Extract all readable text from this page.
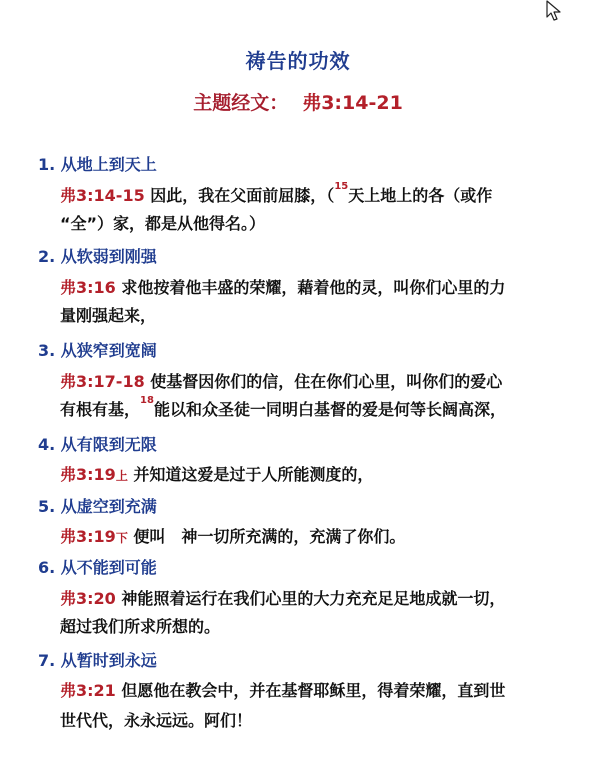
祷告的功效
主题经文： 弗3:14-21
1. 从地上到天上
弗3:14-15 因此，我在父面前屈膝，（$^{15}$天上地上的各（或作
“全”）家，都是从他得名。）
2. 从软弱到刚强
弗3:16 求他按着他丰盛的荣耀，藉着他的灵，叫你们心里的力
量刚强起来，
3. 从狭窄到宽阔
弗3:17-18 使基督因你们的信，住在你们心里，叫你们的爱心
有根有基，$^{18}$能以和众圣徒一同明白基督的爱是何等长阔高深，
4. 从有限到无限
弗3:19上 并知道这爱是过于人所能测度的，
5. 从虚空到充满
弗3:19下 便叫　神一切所充满的，充满了你们。
6. 从不能到可能
弗3:20 神能照着运行在我们心里的大力充充足足地成就一切，
超过我们所求所想的。
7. 从暂时到永远
弗3:21 但愿他在教会中，并在基督耶稣里，得着荣耀，直到世
世代代，永永远远。阿们！
